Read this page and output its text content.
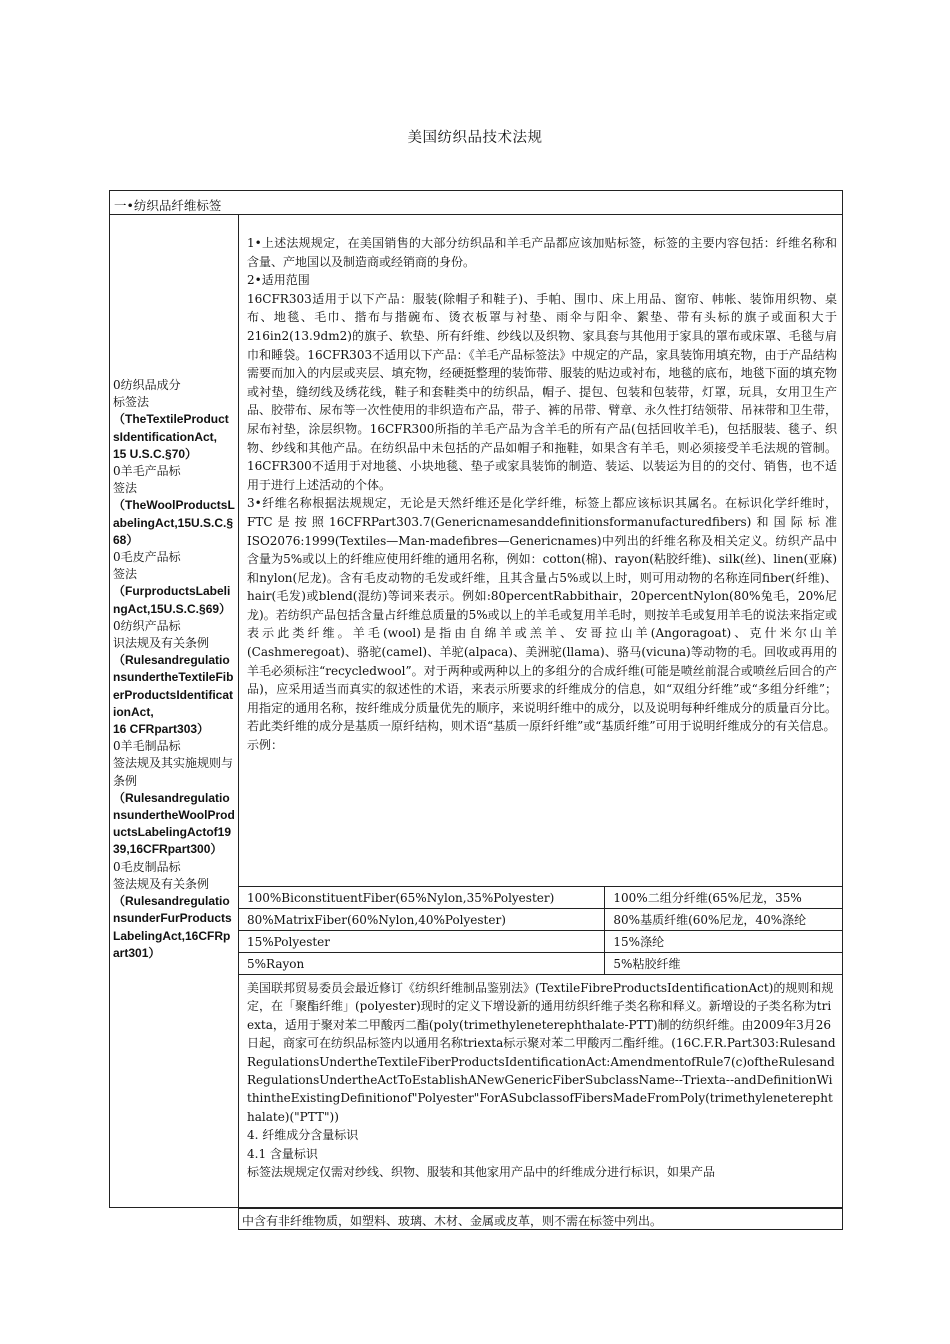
美国纺织品技术法规
一•纺织品纤维标签
0纺织品成分
标签法
（TheTextileProductsIdentificationAct,
15 U.S.C.§70）
0羊毛产品标
签法
（TheWoolProductsLabelingAct,15U.S.C.§68）
0毛皮产品标
签法
（FurproductsLabelingAct,15U.S.C.§69）
0纺织产品标
识法规及有关条例
（RulesandregulationsundertheTextileFiberProductsIdentificationAct,
16 CFRpart303）
0羊毛制品标
签法规及其实施规则与条例
（RulesandregulationsundertheWoolProductsLabelingActof1939,16CFRpart300）
0毛皮制品标
签法规及有关条例
（RulesandregulationsunderFurProductsLabelingAct,16CFRpart301）

1•上述法规规定，在美国销售的大部分纺织品和羊毛产品都应该加贴标签，标签的主要内容包括：纤维名称和含量、产地国以及制造商或经销商的身份。

2•适用范围

16CFR303适用于以下产品：服装(除帽子和鞋子)、手帕、围巾、床上用品、窗帘、帏帐、装饰用织物、桌布、地毯、毛巾、揩布与揩碗布、烫衣板罩与衬垫、雨伞与阳伞、絮垫、带有头标的旗子或面积大于216in2(13.9dm2)的旗子、软垫、所有纤维、纱线以及织物、家具套与其他用于家具的罩布或床罩、毛毯与肩巾和睡袋。16CFR303不适用以下产品：《羊毛产品标签法》中规定的产品，家具装饰用填充物，由于产品结构需要而加入的内层或夹层、填充物，经硬挺整理的装饰带、服装的贴边或衬布，地毯的底布，地毯下面的填充物或衬垫，缝纫线及绣花线，鞋子和套鞋类中的纺织品，帽子、提包、包装和包装带，灯罩，玩具，女用卫生产品、胶带布、尿布等一次性使用的非织造布产品，带子、裤的吊带、臂章、永久性打结领带、吊袜带和卫生带，尿布衬垫，涂层织物。16CFR300所指的羊毛产品为含羊毛的所有产品(包括回收羊毛)，包括服装、毯子、织物、纱线和其他产品。在纺织品中未包括的产品如帽子和拖鞋，如果含有羊毛，则必须接受羊毛法规的管制。16CFR300不适用于对地毯、小块地毯、垫子或家具装饰的制造、装运、以装运为目的的交付、销售，也不适用于进行上述活动的个体。

3•纤维名称根据法规规定，无论是天然纤维还是化学纤维，标签上都应该标识其属名。在标识化学纤维时，FTC是按照16CFRPart303.7(Genericnamesanddefinitionsformanufacturedfibers)和国际标准ISO2076:1999(Textiles—Man-madefibres—Genericnames)中列出的纤维名称及相关定义。纺织产品中含量为5%或以上的纤维应使用纤维的通用名称，例如：cotton(棉)、rayon(粘胶纤维)、silk(丝)、linen(亚麻)和nylon(尼龙)。含有毛皮动物的毛发或纤维，且其含量占5%或以上时，则可用动物的名称连同fiber(纤维)、hair(毛发)或blend(混纺)等词来表示。例如:80percentRabbithair，20percentNylon(80%兔毛，20%尼龙)。若纺织产品包括含量占纤维总质量的5%或以上的羊毛或复用羊毛时，则按羊毛或复用羊毛的说法来指定或表示此类纤维。羊毛(wool)是指由自绵羊或羔羊、安哥拉山羊(Angoragoat)、克什米尔山羊(Cashmeregoat)、骆驼(camel)、羊驼(alpaca)、美洲驼(llama)、骆马(vicuna)等动物的毛。回收或再用的羊毛必须标注“recycledwool”。对于两种或两种以上的多组分的合成纤维(可能是喷丝前混合或喷丝后回合的产品)，应采用适当而真实的叙述性的术语，来表示所要求的纤维成分的信息，如“双组分纤维”或“多组分纤维”；用指定的通用名称，按纤维成分质量优先的顺序，来说明纤维中的成分，以及说明每种纤维成分的质量百分比。若此类纤维的成分是基质一原纤结构，则术语“基质一原纤纤维”或“基质纤维”可用于说明纤维成分的有关信息。

示例：

100%BiconstituentFiber(65%Nylon,35%Polyester)	100%二组分纤维(65%尼龙，35%
80%MatrixFiber(60%Nylon,40%Polyester)	80%基质纤维(60%尼龙，40%涤纶
15%Polyester	15%涤纶
5%Rayon	5%粘胶纤维

美国联邦贸易委员会最近修订《纺织纤维制品鉴别法》(TextileFibreProductsIdentificationAct)的规则和规定，在「聚酯纤维」(polyester)现时的定义下增设新的通用纺织纤维子类名称和释义。新增设的子类名称为triexta，适用于聚对苯二甲酸丙二酯(poly(trimethyleneterephthalate-PTT)制的纺织纤维。由2009年3月26日起，商家可在纺织品标签内以通用名称triexta标示聚对苯二甲酸丙二酯纤维。(16C.F.R.Part303:RulesandRegulationsUndertheTextileFiberProductsIdentificationAct:AmendmentofRule7(c)oftheRulesandRegulationsUndertheActToEstablishANewGenericFiberSubclassName--Triexta--andDefinitionWithintheExistingDefinitionof"Polyester"ForASubclassofFibersMadeFromPoly(trimethyleneterephthalate)("PTT"))

4. 纤维成分含量标识

4.1 含量标识

标签法规规定仅需对纱线、织物、服装和其他家用产品中的纤维成分进行标识，如果产品

中含有非纤维物质，如塑料、玻璃、木材、金属或皮革，则不需在标签中列出。
